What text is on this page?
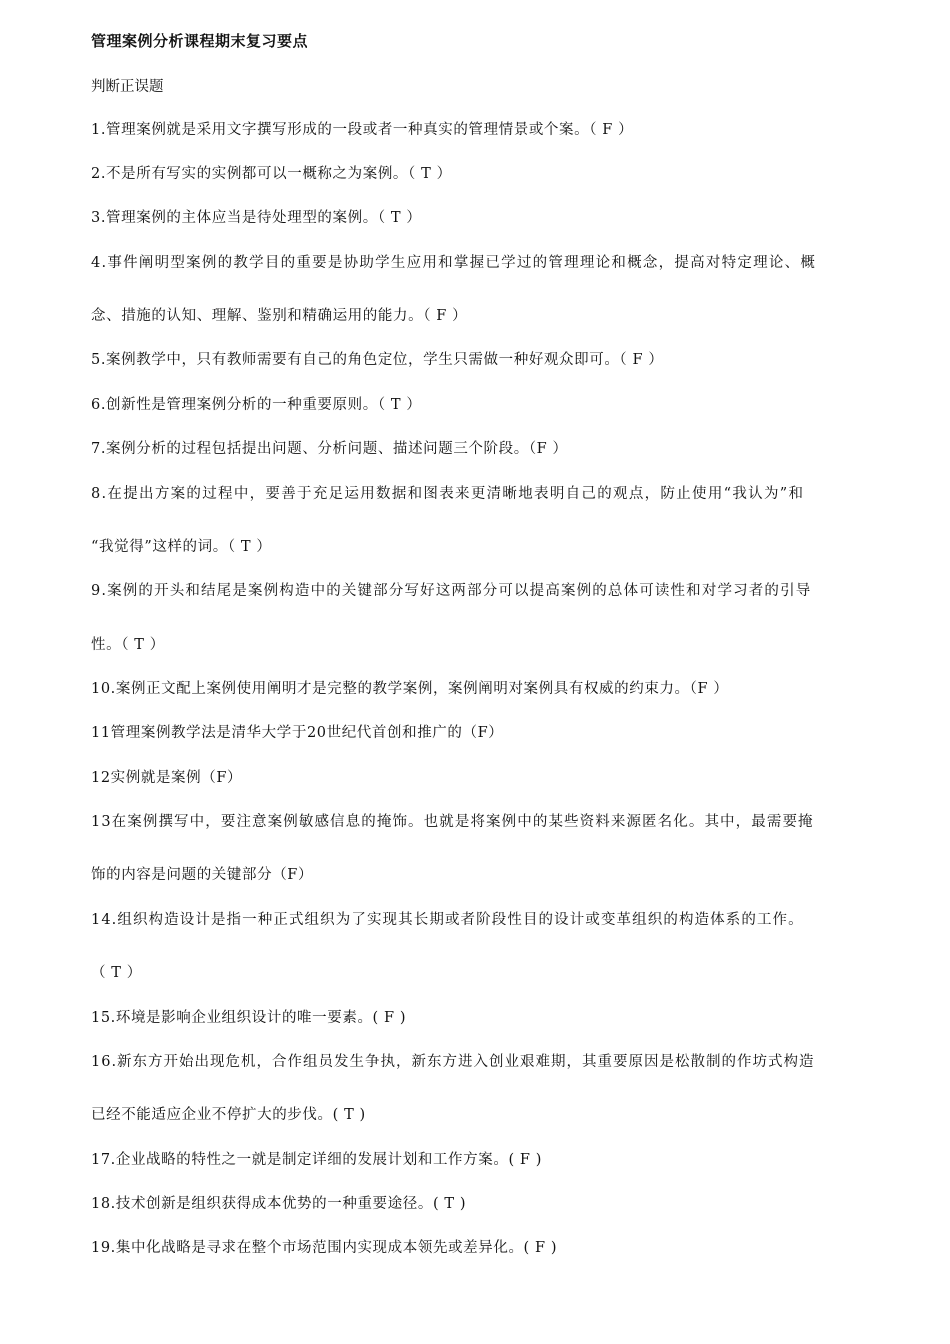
管理案例分析课程期末复习要点
判断正误题
1.管理案例就是采用文字撰写形成的一段或者一种真实的管理情景或个案。（ F ）
2.不是所有写实的实例都可以一概称之为案例。（ T ）
3.管理案例的主体应当是待处理型的案例。（ T ）
4.事件阐明型案例的教学目的重要是协助学生应用和掌握已学过的管理理论和概念，提高对特定理论、概
念、措施的认知、理解、鉴别和精确运用的能力。（ F ）
5.案例教学中，只有教师需要有自己的角色定位，学生只需做一种好观众即可。（ F ）
6.创新性是管理案例分析的一种重要原则。（ T ）
7.案例分析的过程包括提出问题、分析问题、描述问题三个阶段。（F ）
8.在提出方案的过程中，要善于充足运用数据和图表来更清晰地表明自己的观点，防止使用“我认为”和
“我觉得”这样的词。（ T ）
9.案例的开头和结尾是案例构造中的关键部分写好这两部分可以提高案例的总体可读性和对学习者的引导
性。（ T ）
10.案例正文配上案例使用阐明才是完整的教学案例，案例阐明对案例具有权威的约束力。（F ）
11管理案例教学法是清华大学于20世纪代首创和推广的（F）
12实例就是案例（F）
13在案例撰写中，要注意案例敏感信息的掩饰。也就是将案例中的某些资料来源匿名化。其中，最需要掩
饰的内容是问题的关键部分（F）
14.组织构造设计是指一种正式组织为了实现其长期或者阶段性目的设计或变革组织的构造体系的工作。
（ T ）
15.环境是影响企业组织设计的唯一要素。( F )
16.新东方开始出现危机，合作组员发生争执，新东方进入创业艰难期，其重要原因是松散制的作坊式构造
已经不能适应企业不停扩大的步伐。( T )
17.企业战略的特性之一就是制定详细的发展计划和工作方案。( F )
18.技术创新是组织获得成本优势的一种重要途径。( T )
19.集中化战略是寻求在整个市场范围内实现成本领先或差异化。( F )
